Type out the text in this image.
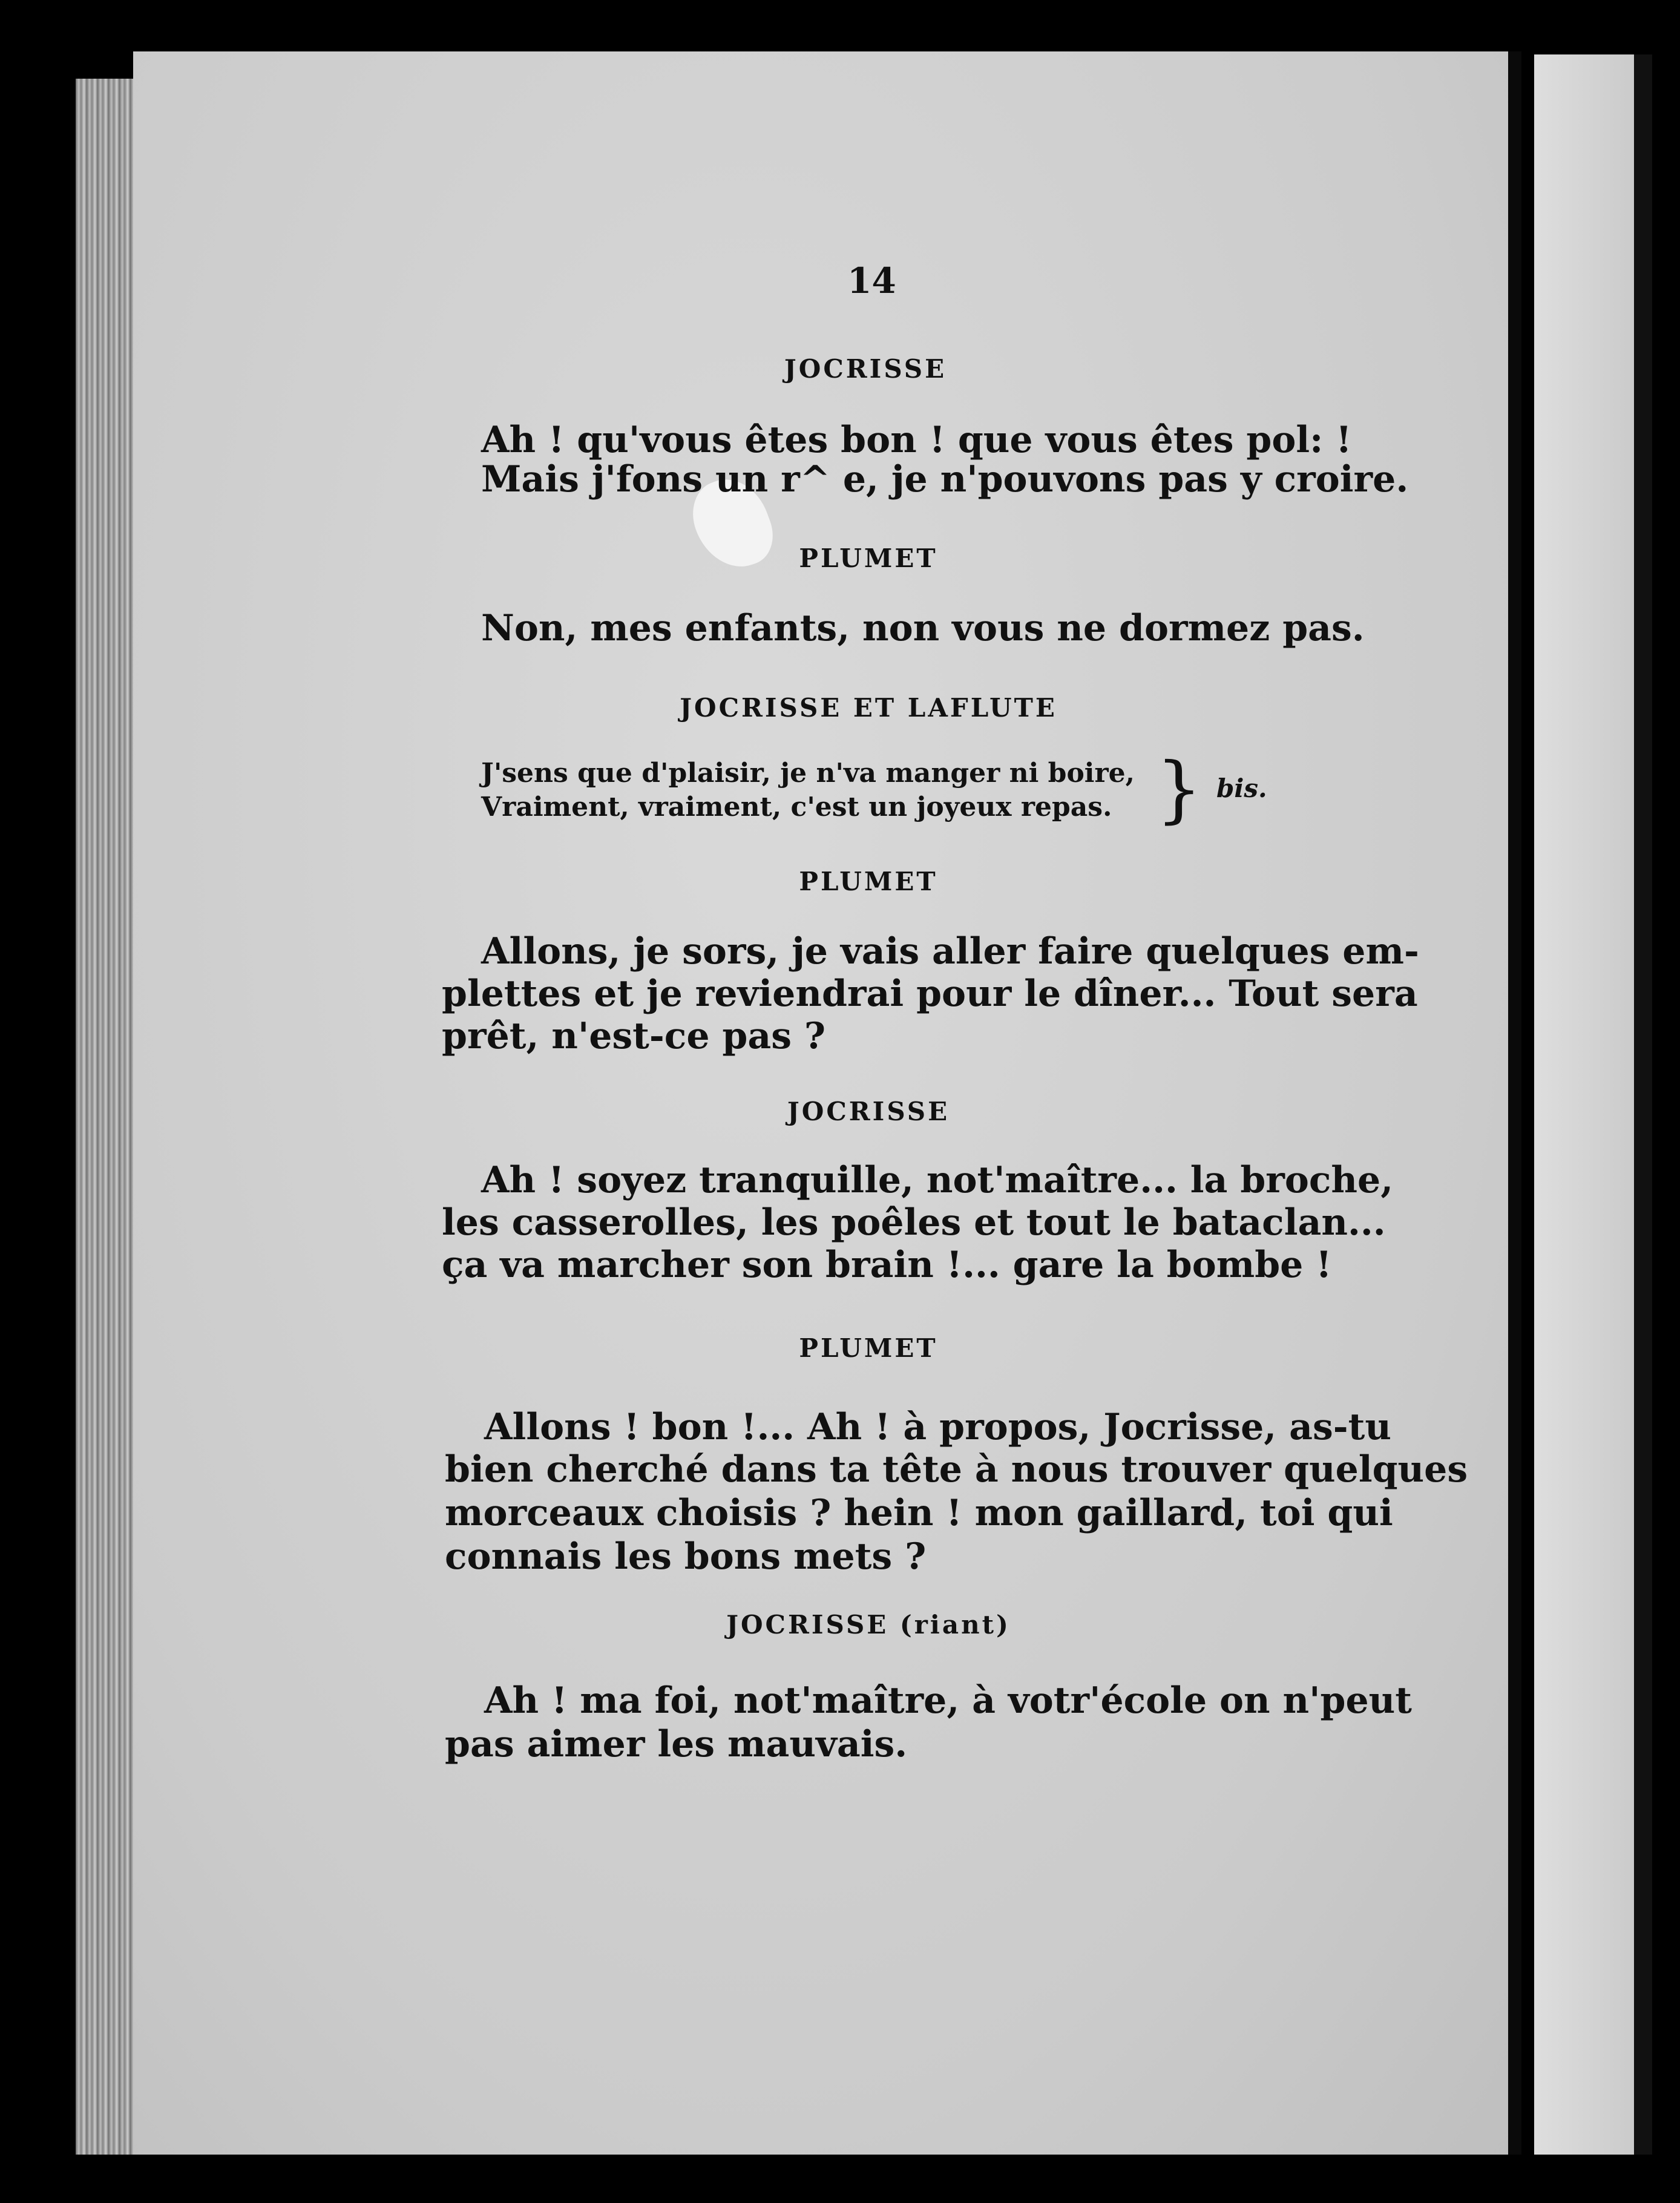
14
JOCRISSE
Ah ! qu'vous êtes bon ! que vous êtes pol: !
Mais j'fons un r^ e, je n'pouvons pas y croire.
PLUMET
Non, mes enfants, non vous ne dormez pas.
JOCRISSE ET LAFLUTE
J'sens que d'plaisir, je n'va manger ni boire,
Vraiment, vraiment, c'est un joyeux repas. } bis.
PLUMET
Allons, je sors, je vais aller faire quelques em-
plettes et je reviendrai pour le dîner... Tout sera
prêt, n'est-ce pas ?
JOCRISSE
Ah ! soyez tranquille, not'maître... la broche,
les casserolles, les poêles et tout le bataclan...
ça va marcher son brain !... gare la bombe !
PLUMET
Allons ! bon !... Ah ! à propos, Jocrisse, as-tu
bien cherché dans ta tête à nous trouver quelques
morceaux choisis ? hein ! mon gaillard, toi qui
connais les bons mets ?
JOCRISSE (riant)
Ah ! ma foi, not'maître, à votr'école on n'peut
pas aimer les mauvais.
